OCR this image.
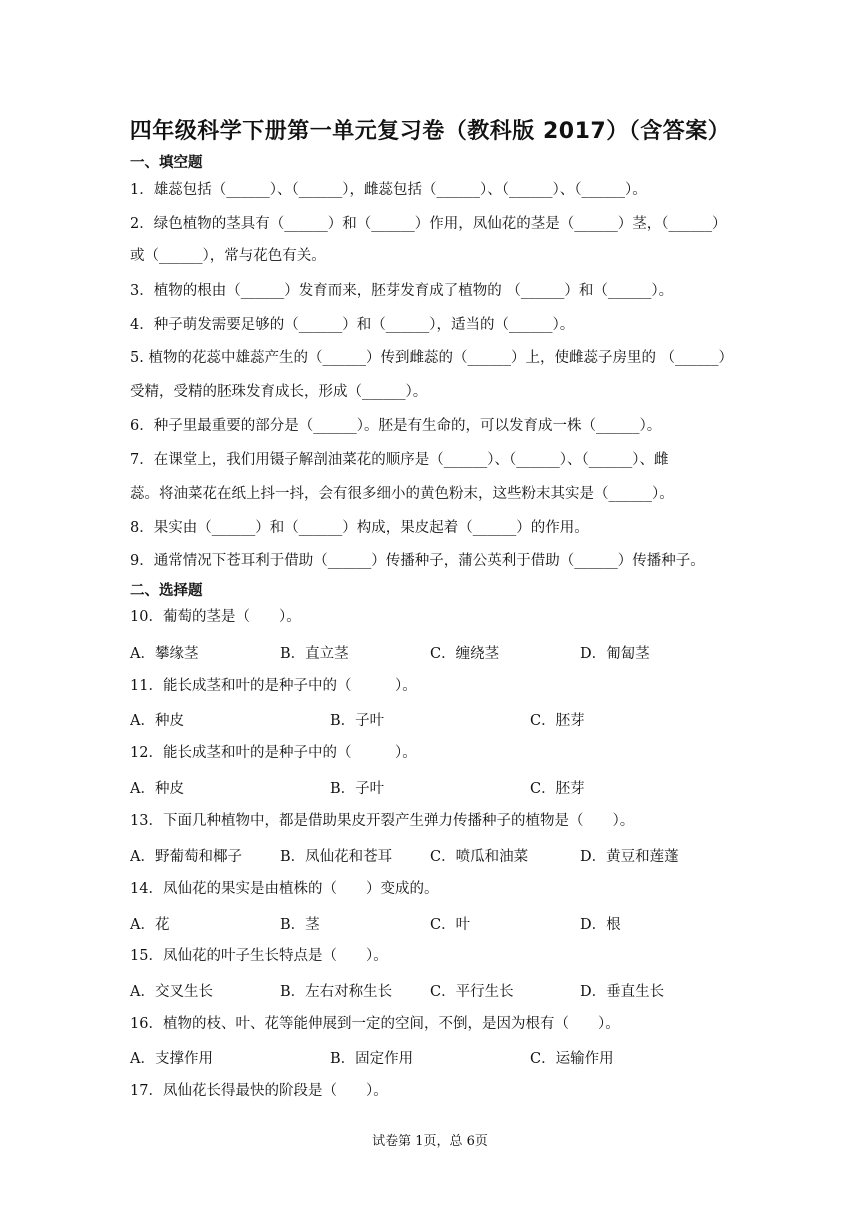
四年级科学下册第一单元复习卷（教科版 2017）（含答案）
一、填空题
1．雄蕊包括（______）、（______），雌蕊包括（______）、（______）、（______）。
2．绿色植物的茎具有（______）和（______）作用，凤仙花的茎是（______）茎，（______）
或（______），常与花色有关。
3．植物的根由（______）发育而来，胚芽发育成了植物的 （______）和（______）。
4．种子萌发需要足够的（______）和（______），适当的（______）。
5. 植物的花蕊中雄蕊产生的（______）传到雌蕊的（______）上，使雌蕊子房里的 （______）
受精，受精的胚珠发育成长，形成（______）。
6．种子里最重要的部分是（______）。胚是有生命的，可以发育成一株（______）。
7．在课堂上，我们用镊子解剖油菜花的顺序是（______）、（______）、（______）、雌
蕊。将油菜花在纸上抖一抖，会有很多细小的黄色粉末，这些粉末其实是（______）。
8．果实由（______）和（______）构成，果皮起着（______）的作用。
9．通常情况下苍耳利于借助（______）传播种子，蒲公英利于借助（______）传播种子。
二、选择题
10．葡萄的茎是（　　）。
A．攀缘茎	B．直立茎	C．缠绕茎	D．匍匐茎
11．能长成茎和叶的是种子中的（　　　）。
A．种皮	B．子叶	C．胚芽
12．能长成茎和叶的是种子中的（　　　）。
A．种皮	B．子叶	C．胚芽
13．下面几种植物中，都是借助果皮开裂产生弹力传播种子的植物是（　　）。
A．野葡萄和椰子	B．凤仙花和苍耳	C．喷瓜和油菜	D．黄豆和莲蓬
14．凤仙花的果实是由植株的（　　）变成的。
A．花	B．茎	C．叶	D．根
15．凤仙花的叶子生长特点是（　　）。
A．交叉生长	B．左右对称生长	C．平行生长	D．垂直生长
16．植物的枝、叶、花等能伸展到一定的空间，不倒，是因为根有（　　）。
A．支撑作用	B．固定作用	C．运输作用
17．凤仙花长得最快的阶段是（　　）。
试卷第 1页，总 6页
